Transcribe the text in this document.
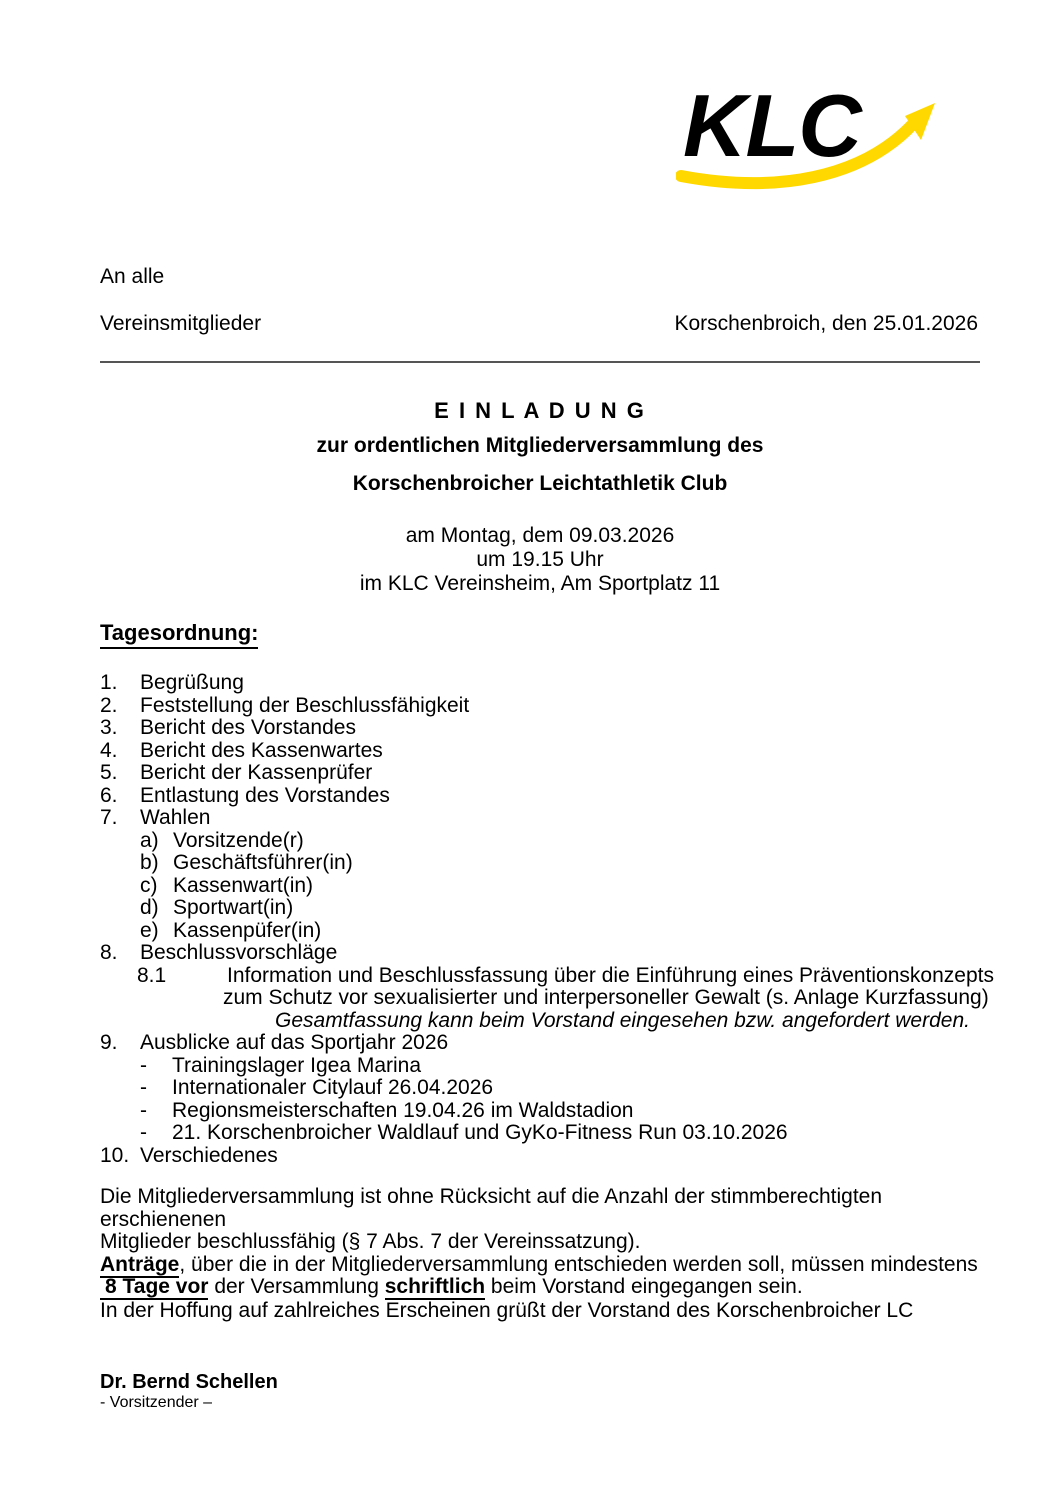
KLC
An alle
Vereinsmitglieder	Korschenbroich, den 25.01.2026
E I N L A D U N G
zur ordentlichen Mitgliederversammlung des
Korschenbroicher Leichtathletik Club
am Montag, dem 09.03.2026
um 19.15 Uhr
im KLC Vereinsheim, Am Sportplatz 11
Tagesordnung:
1. Begrüßung
2. Feststellung der Beschlussfähigkeit
3. Bericht des Vorstandes
4. Bericht des Kassenwartes
5. Bericht der Kassenprüfer
6. Entlastung des Vorstandes
7. Wahlen
a) Vorsitzende(r)
b) Geschäftsführer(in)
c) Kassenwart(in)
d) Sportwart(in)
e) Kassenpüfer(in)
8. Beschlussvorschläge
8.1	Information und Beschlussfassung über die Einführung eines Präventionskonzepts
zum Schutz vor sexualisierter und interpersoneller Gewalt (s. Anlage Kurzfassung)
Gesamtfassung kann beim Vorstand eingesehen bzw. angefordert werden.
9. Ausblicke auf das Sportjahr 2026
- Trainingslager Igea Marina
- Internationaler Citylauf 26.04.2026
- Regionsmeisterschaften 19.04.26 im Waldstadion
- 21. Korschenbroicher Waldlauf und GyKo-Fitness Run 03.10.2026
10. Verschiedenes
Die Mitgliederversammlung ist ohne Rücksicht auf die Anzahl der stimmberechtigten erschienenen
Mitglieder beschlussfähig (§ 7 Abs. 7 der Vereinssatzung).
Anträge, über die in der Mitgliederversammlung entschieden werden soll, müssen mindestens
8 Tage vor der Versammlung schriftlich beim Vorstand eingegangen sein.
In der Hoffung auf zahlreiches Erscheinen grüßt der Vorstand des Korschenbroicher LC
Dr. Bernd Schellen
- Vorsitzender –
